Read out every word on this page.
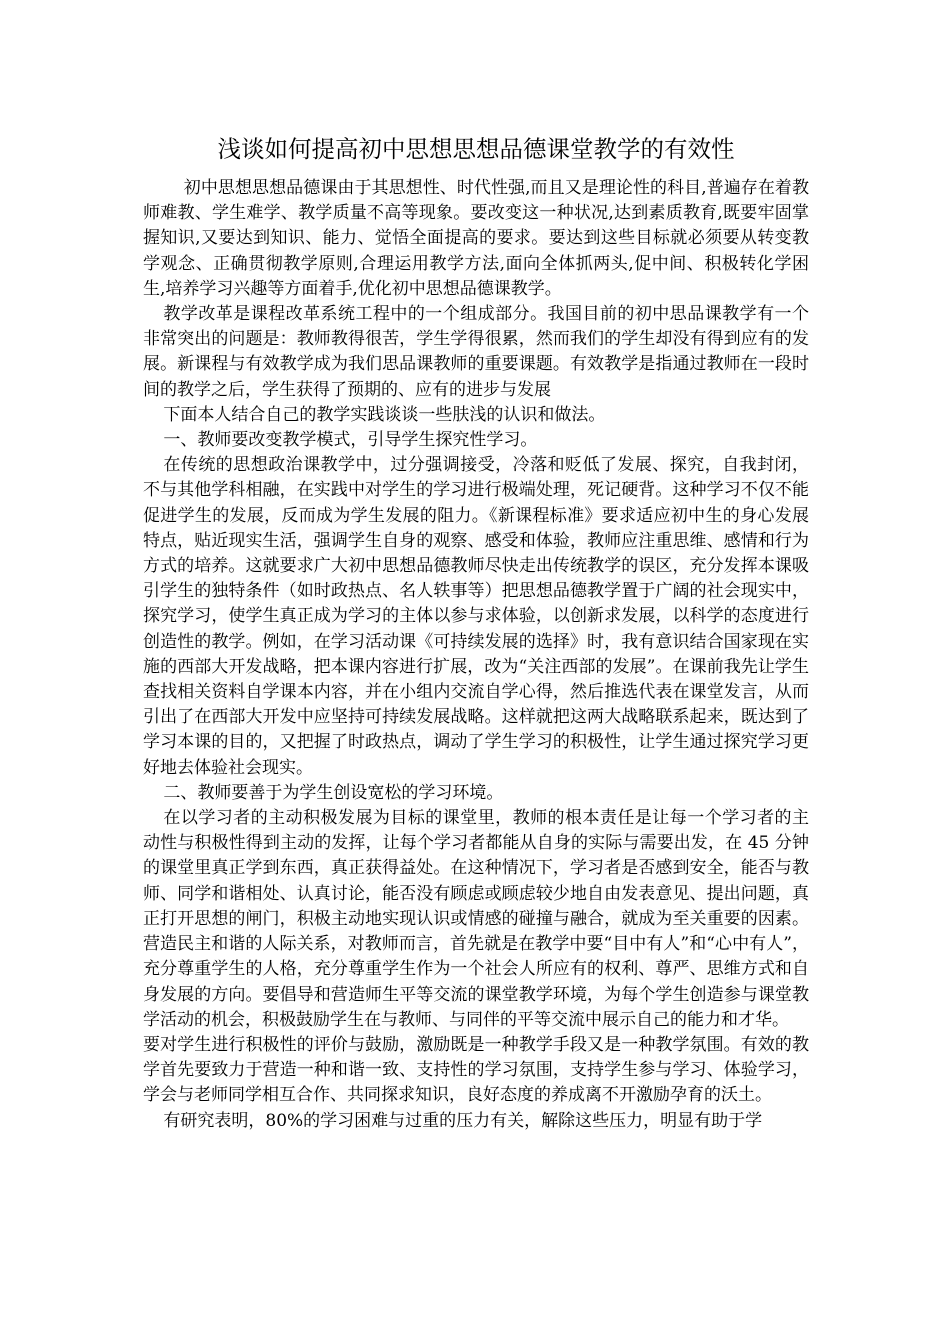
浅谈如何提高初中思想思想品德课堂教学的有效性

初中思想思想品德课由于其思想性、时代性强,而且又是理论性的科目,普遍存在着教师难教、学生难学、教学质量不高等现象。要改变这一种状况,达到素质教育,既要牢固掌握知识,又要达到知识、能力、觉悟全面提高的要求。要达到这些目标就必须要从转变教学观念、正确贯彻教学原则,合理运用教学方法,面向全体抓两头,促中间、积极转化学困生,培养学习兴趣等方面着手,优化初中思想品德课教学。

教学改革是课程改革系统工程中的一个组成部分。我国目前的初中思品课教学有一个非常突出的问题是：教师教得很苦，学生学得很累，然而我们的学生却没有得到应有的发展。新课程与有效教学成为我们思品课教师的重要课题。有效教学是指通过教师在一段时间的教学之后，学生获得了预期的、应有的进步与发展

下面本人结合自己的教学实践谈谈一些肤浅的认识和做法。

一、教师要改变教学模式，引导学生探究性学习。

在传统的思想政治课教学中，过分强调接受，冷落和贬低了发展、探究，自我封闭，不与其他学科相融，在实践中对学生的学习进行极端处理，死记硬背。这种学习不仅不能促进学生的发展，反而成为学生发展的阻力。《新课程标准》要求适应初中生的身心发展特点，贴近现实生活，强调学生自身的观察、感受和体验，教师应注重思维、感情和行为方式的培养。这就要求广大初中思想品德教师尽快走出传统教学的误区，充分发挥本课吸引学生的独特条件（如时政热点、名人轶事等）把思想品德教学置于广阔的社会现实中，探究学习，使学生真正成为学习的主体以参与求体验，以创新求发展，以科学的态度进行创造性的教学。例如，在学习活动课《可持续发展的选择》时，我有意识结合国家现在实施的西部大开发战略，把本课内容进行扩展，改为“关注西部的发展”。在课前我先让学生查找相关资料自学课本内容，并在小组内交流自学心得，然后推选代表在课堂发言，从而引出了在西部大开发中应坚持可持续发展战略。这样就把这两大战略联系起来，既达到了学习本课的目的，又把握了时政热点，调动了学生学习的积极性，让学生通过探究学习更好地去体验社会现实。

二、教师要善于为学生创设宽松的学习环境。

在以学习者的主动积极发展为目标的课堂里，教师的根本责任是让每一个学习者的主动性与积极性得到主动的发挥，让每个学习者都能从自身的实际与需要出发，在 45 分钟的课堂里真正学到东西，真正获得益处。在这种情况下，学习者是否感到安全，能否与教师、同学和谐相处、认真讨论，能否没有顾虑或顾虑较少地自由发表意见、提出问题，真正打开思想的闸门，积极主动地实现认识或情感的碰撞与融合，就成为至关重要的因素。营造民主和谐的人际关系，对教师而言，首先就是在教学中要“目中有人”和“心中有人”，充分尊重学生的人格，充分尊重学生作为一个社会人所应有的权利、尊严、思维方式和自身发展的方向。要倡导和营造师生平等交流的课堂教学环境，为每个学生创造参与课堂教学活动的机会，积极鼓励学生在与教师、与同伴的平等交流中展示自己的能力和才华。

要对学生进行积极性的评价与鼓励，激励既是一种教学手段又是一种教学氛围。有效的教学首先要致力于营造一种和谐一致、支持性的学习氛围，支持学生参与学习、体验学习，学会与老师同学相互合作、共同探求知识，良好态度的养成离不开激励孕育的沃土。

有研究表明，80%的学习困难与过重的压力有关，解除这些压力，明显有助于学
